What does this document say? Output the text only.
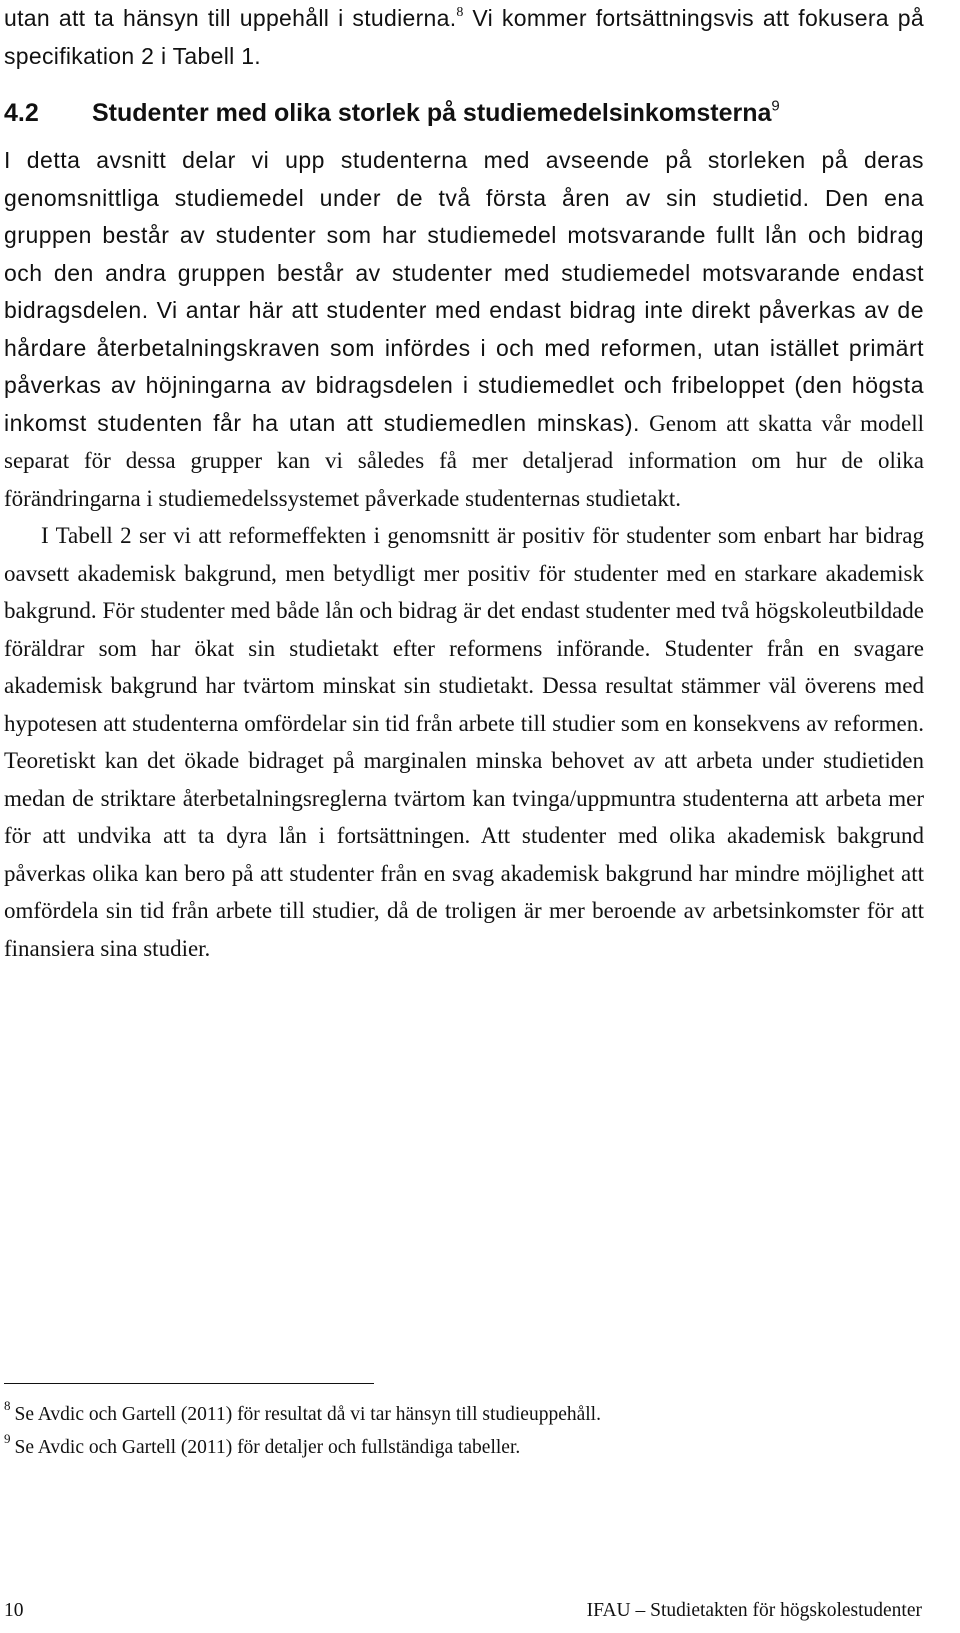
utan att ta hänsyn till uppehåll i studierna.$^8$ Vi kommer fortsättningsvis att fokusera på specifikation 2 i Tabell 1.

4.2 Studenter med olika storlek på studiemedelsinkomsterna$^9$

I detta avsnitt delar vi upp studenterna med avseende på storleken på deras genomsnittliga studiemedel under de två första åren av sin studietid. Den ena gruppen består av studenter som har studiemedel motsvarande fullt lån och bidrag och den andra gruppen består av studenter med studiemedel motsvarande endast bidragsdelen. Vi antar här att studenter med endast bidrag inte direkt påverkas av de hårdare återbetalningskraven som infördes i och med reformen, utan istället primärt påverkas av höjningarna av bidragsdelen i studiemedlet och fribeloppet (den högsta inkomst studenten får ha utan att studiemedlen minskas). Genom att skatta vår modell separat för dessa grupper kan vi således få mer detaljerad information om hur de olika förändringarna i studiemedelssystemet påverkade studenternas studietakt.

I Tabell 2 ser vi att reformeffekten i genomsnitt är positiv för studenter som enbart har bidrag oavsett akademisk bakgrund, men betydligt mer positiv för studenter med en starkare akademisk bakgrund. För studenter med både lån och bidrag är det endast studenter med två högskoleutbildade föräldrar som har ökat sin studietakt efter reformens införande. Studenter från en svagare akademisk bakgrund har tvärtom minskat sin studietakt. Dessa resultat stämmer väl överens med hypotesen att studenterna omfördelar sin tid från arbete till studier som en konsekvens av reformen. Teoretiskt kan det ökade bidraget på marginalen minska behovet av att arbeta under studietiden medan de striktare återbetalningsreglerna tvärtom kan tvinga/uppmuntra studenterna att arbeta mer för att undvika att ta dyra lån i fortsättningen. Att studenter med olika akademisk bakgrund påverkas olika kan bero på att studenter från en svag akademisk bakgrund har mindre möjlighet att omfördela sin tid från arbete till studier, då de troligen är mer beroende av arbetsinkomster för att finansiera sina studier.

$^8$ Se Avdic och Gartell (2011) för resultat då vi tar hänsyn till studieuppehåll.

$^9$ Se Avdic och Gartell (2011) för detaljer och fullständiga tabeller.

10	IFAU – Studietakten för högskolestudenter
